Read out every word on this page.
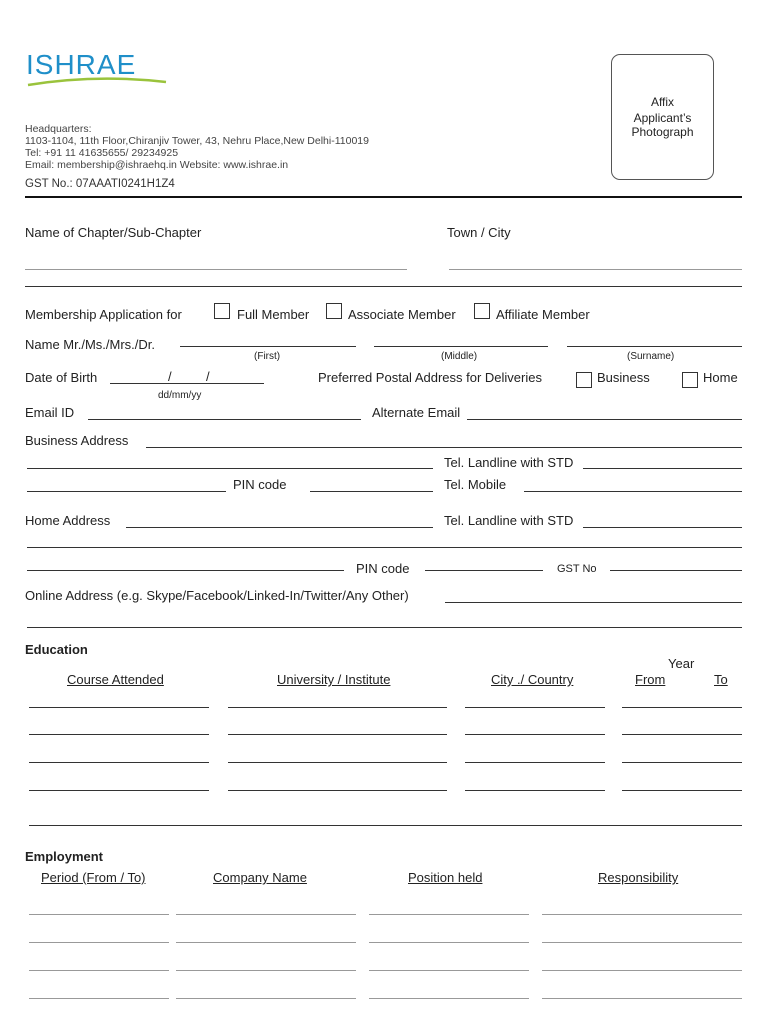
ISHRAE
Headquarters:
1103-1104, 11th Floor,Chiranjiv Tower, 43, Nehru Place,New Delhi-110019
Tel: +91 11 41635655/ 29234925
Email: membership@ishraehq.in Website: www.ishrae.in
GST No.: 07AAATI0241H1Z4
Affix
Applicant’s
Photograph
Name of Chapter/Sub-Chapter	Town / City
Membership Application for	Full Member	Associate Member	Affiliate Member
Name Mr./Ms./Mrs./Dr.
(First)	(Middle)	(Surname)
Date of Birth	/	/
dd/mm/yy
Preferred Postal Address for Deliveries	Business	Home
Email ID	Alternate Email
Business Address
Tel. Landline with STD
PIN code	Tel. Mobile
Home Address	Tel. Landline with STD
PIN code	GST No
Online Address (e.g. Skype/Facebook/Linked-In/Twitter/Any Other)
Education
Year
Course Attended	University / Institute	City ./ Country	From	To
Employment
Period (From / To)	Company Name	Position held	Responsibility
